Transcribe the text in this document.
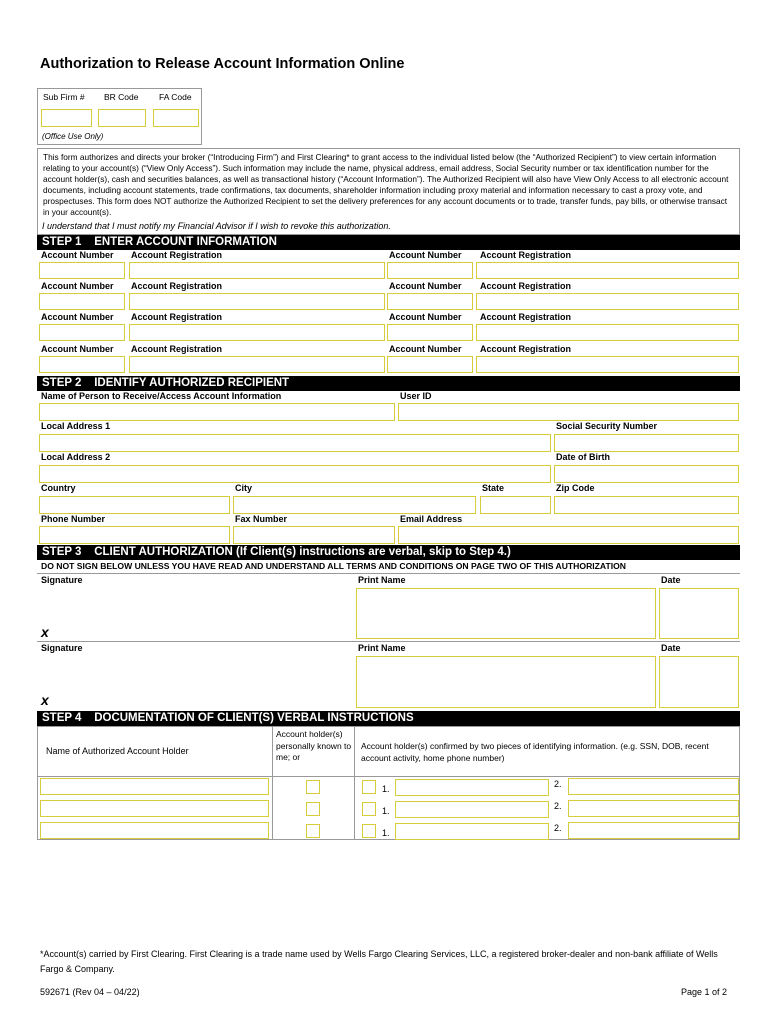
Authorization to Release Account Information Online
Sub Firm # BR Code FA Code
(Office Use Only)
This form authorizes and directs your broker (“Introducing Firm”) and First Clearing* to grant access to the individual listed below (the “Authorized Recipient”) to view certain information relating to your account(s) (“View Only Access”). Such information may include the name, physical address, email address, Social Security number or tax identification number for the account holder(s), cash and securities balances, as well as transactional history (“Account Information”). The Authorized Recipient will also have View Only Access to all electronic account documents, including account statements, trade confirmations, tax documents, shareholder information including proxy material and information necessary to cast a proxy vote, and prospectuses. This form does NOT authorize the Authorized Recipient to set the delivery preferences for any account documents or to trade, transfer funds, pay bills, or otherwise transact in your account(s).
I understand that I must notify my Financial Advisor if I wish to revoke this authorization.
STEP 1    ENTER ACCOUNT INFORMATION
Account Number Account Registration	Account Number Account Registration
Account Number Account Registration	Account Number Account Registration
Account Number Account Registration	Account Number Account Registration
Account Number Account Registration	Account Number Account Registration
STEP 2    IDENTIFY AUTHORIZED RECIPIENT
Name of Person to Receive/Access Account Information	User ID
Local Address 1	Social Security Number
Local Address 2	Date of Birth
Country	City	State	Zip Code
Phone Number	Fax Number	Email Address
STEP 3    CLIENT AUTHORIZATION (If Client(s) instructions are verbal, skip to Step 4.)
DO NOT SIGN BELOW UNLESS YOU HAVE READ AND UNDERSTAND ALL TERMS AND CONDITIONS ON PAGE TWO OF THIS AUTHORIZATION
Signature	Print Name	Date
x
Signature	Print Name	Date
x
STEP 4    DOCUMENTATION OF CLIENT(S) VERBAL INSTRUCTIONS
Name of Authorized Account Holder
Account holder(s) personally known to me; or
Account holder(s) confirmed by two pieces of identifying information. (e.g. SSN, DOB, recent account activity, home phone number)
1.	2.
1.	2.
1.	2.
*Account(s) carried by First Clearing. First Clearing is a trade name used by Wells Fargo Clearing Services, LLC, a registered broker-dealer and non-bank affiliate of Wells Fargo & Company.
592671 (Rev 04 – 04/22)	Page 1 of 2
